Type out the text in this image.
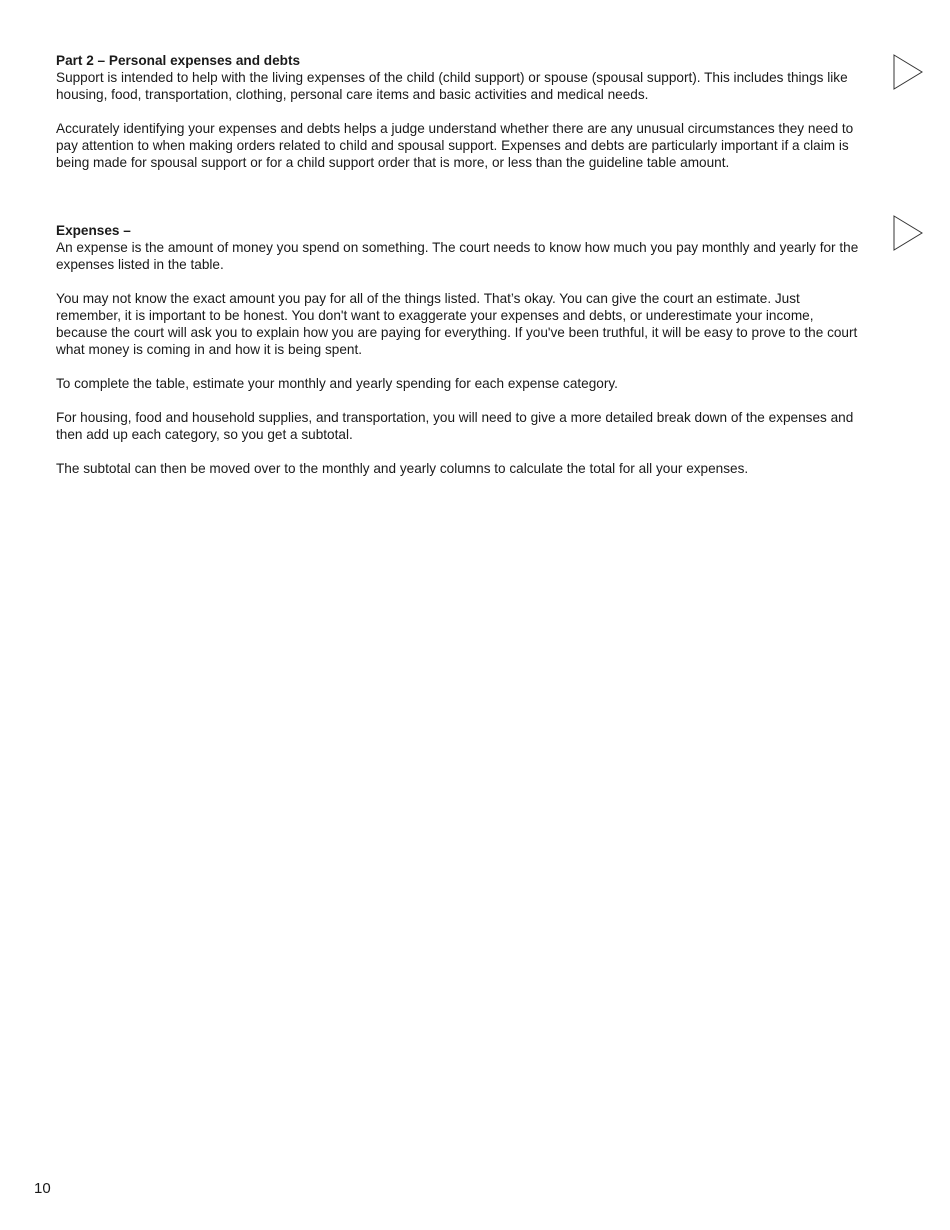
Part 2 – Personal expenses and debts

Support is intended to help with the living expenses of the child (child support) or spouse (spousal support). This includes things like housing, food, transportation, clothing, personal care items and basic activities and medical needs.

Accurately identifying your expenses and debts helps a judge understand whether there are any unusual circumstances they need to pay attention to when making orders related to child and spousal support. Expenses and debts are particularly important if a claim is being made for spousal support or for a child support order that is more, or less than the guideline table amount.

Expenses –

An expense is the amount of money you spend on something. The court needs to know how much you pay monthly and yearly for the expenses listed in the table.

You may not know the exact amount you pay for all of the things listed. That’s okay. You can give the court an estimate. Just remember, it is important to be honest. You don't want to exaggerate your expenses and debts, or underestimate your income, because the court will ask you to explain how you are paying for everything. If you've been truthful, it will be easy to prove to the court what money is coming in and how it is being spent.

To complete the table, estimate your monthly and yearly spending for each expense category.

For housing, food and household supplies, and transportation, you will need to give a more detailed break down of the expenses and then add up each category, so you get a subtotal.

The subtotal can then be moved over to the monthly and yearly columns to calculate the total for all your expenses.

10
